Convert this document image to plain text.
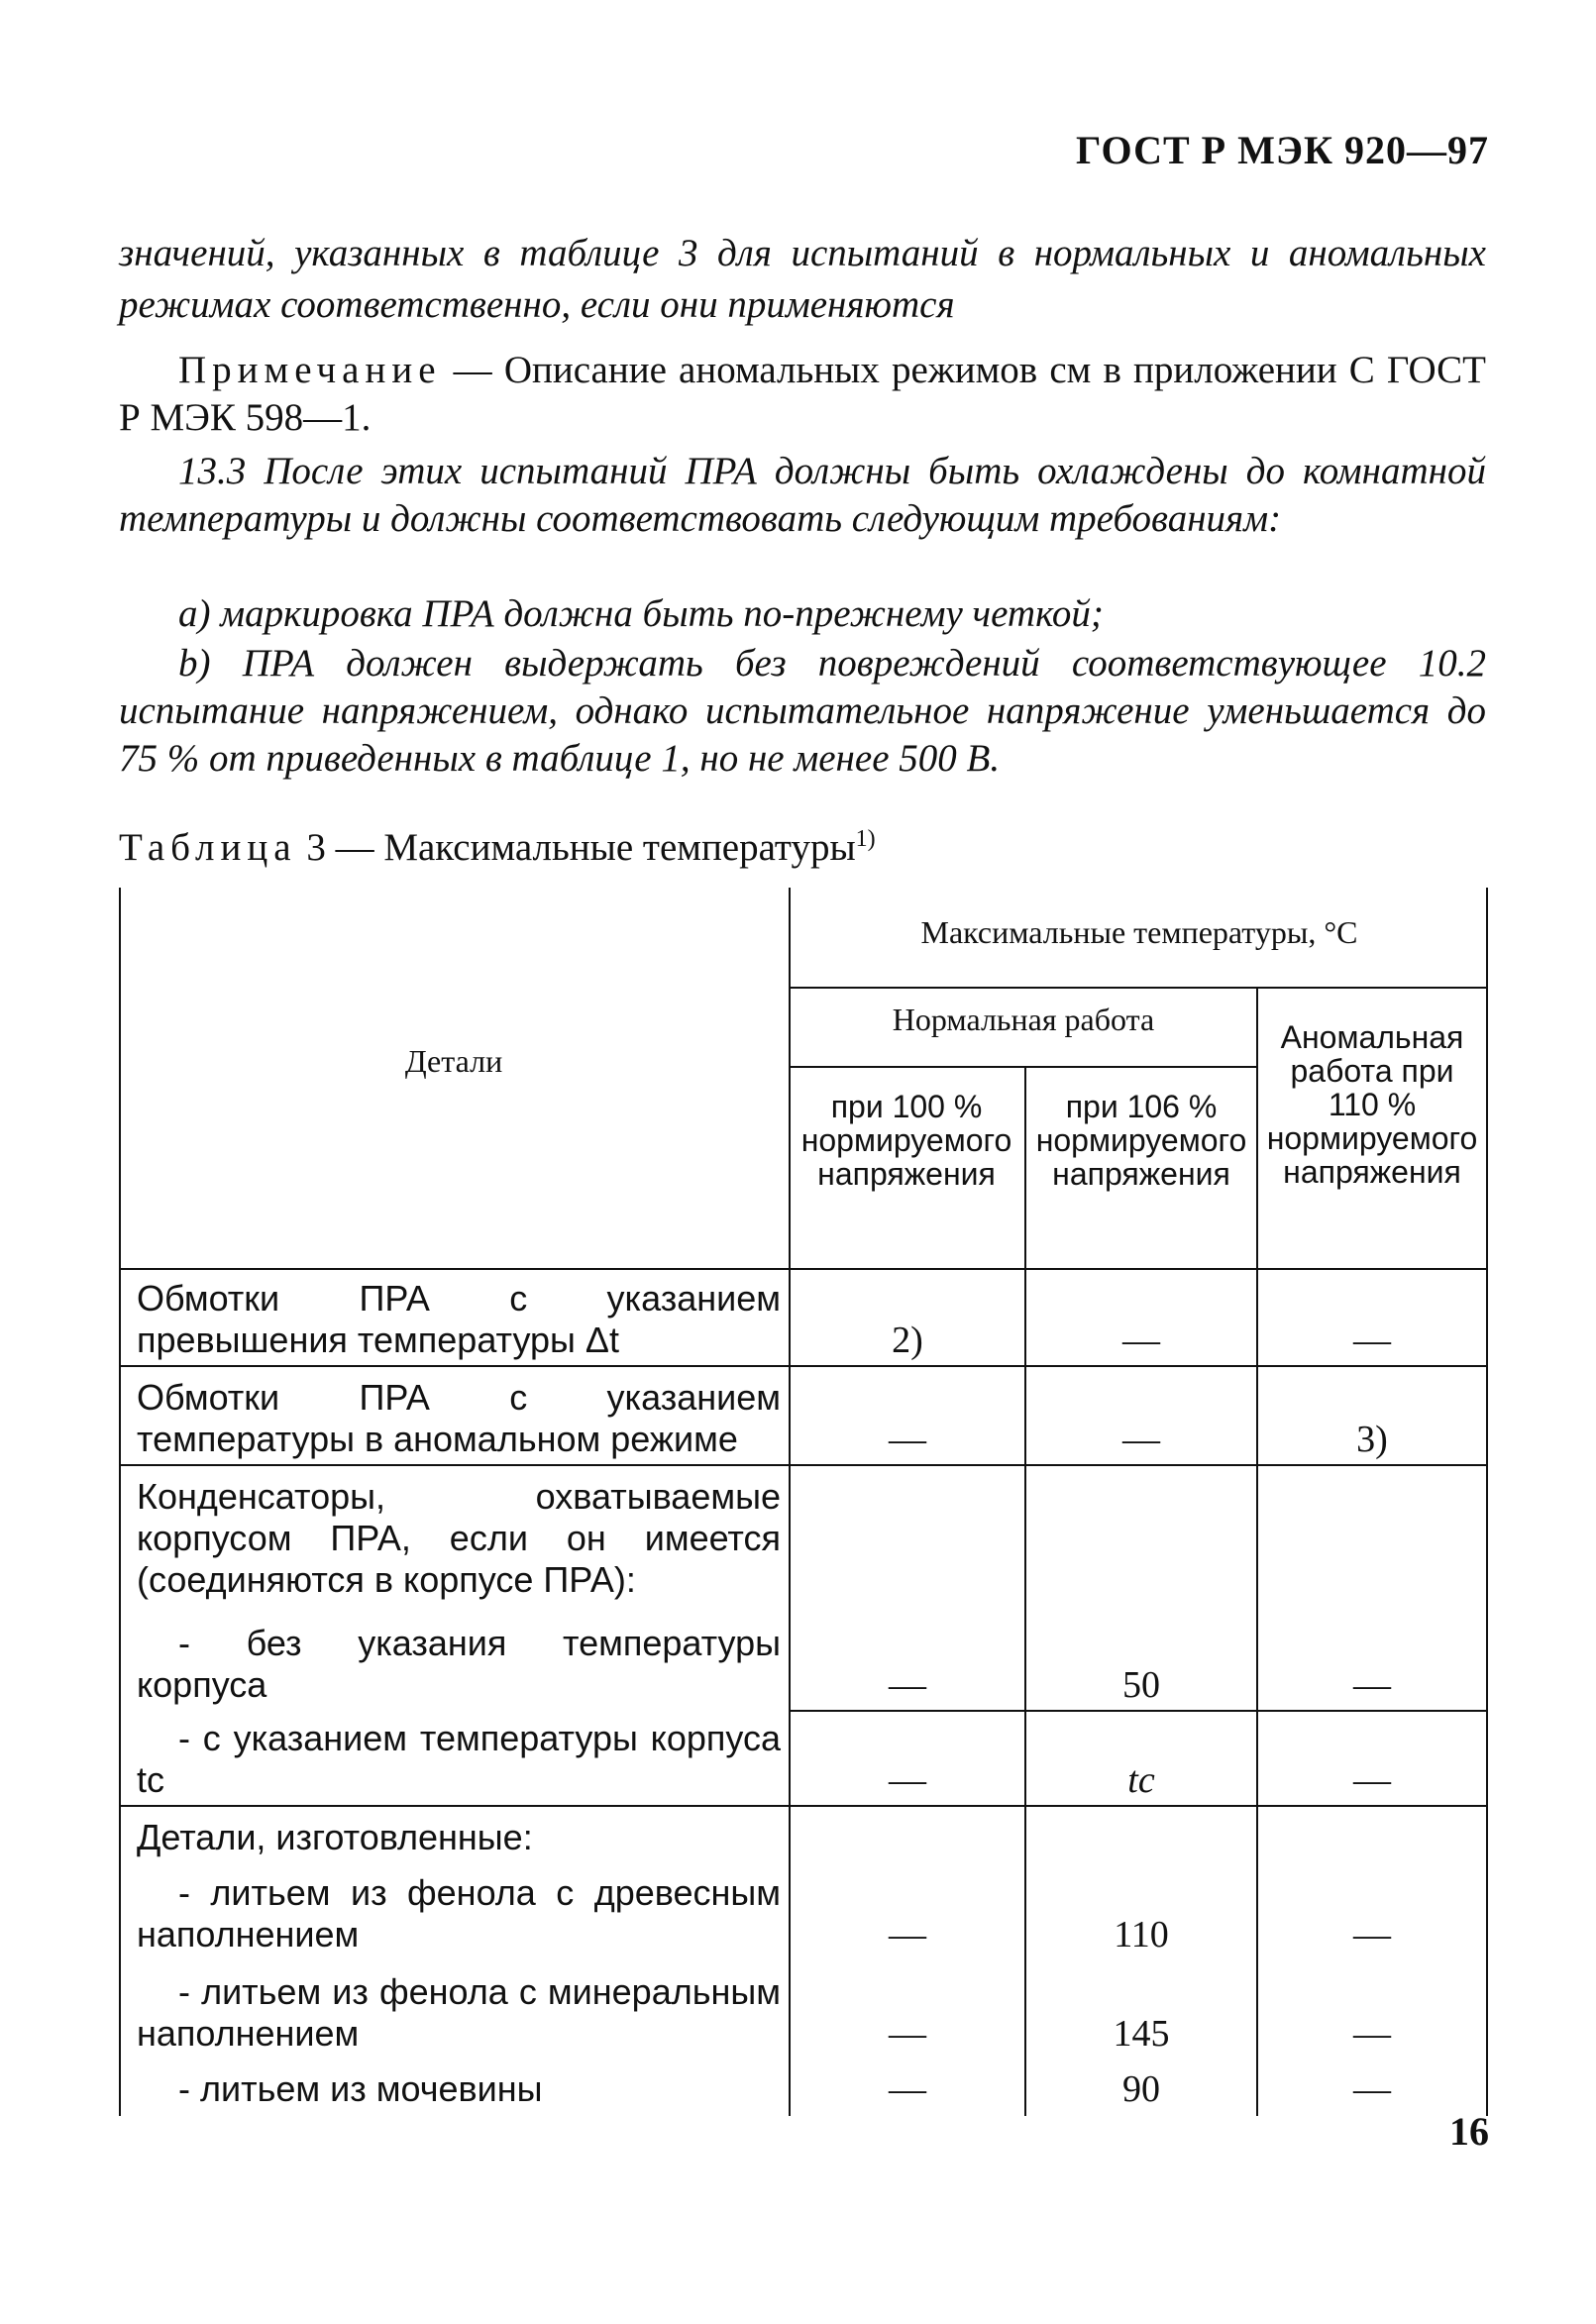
ГОСТ Р МЭК 920—97
значений, указанных в таблице 3 для испытаний в нормальных и аномальных режимах соответственно, если они применяются
Примечание — Описание аномальных режимов см в приложении С ГОСТ Р МЭК 598—1.
13.3 После этих испытаний ПРА должны быть охлаждены до комнатной температуры и должны соответствовать следующим требованиям:
a) маркировка ПРА должна быть по-прежнему четкой;
b) ПРА должен выдержать без повреждений соответствующее 10.2 испытание напряжением, однако испытательное напряжение уменьшается до 75 % от приведенных в таблице 1, но не менее 500 В.
Таблица 3 — Максимальные температуры$^{1)}$
Детали
Максимальные температуры, °С
Нормальная работа	Аномальная работа при 110 % нормируемого напряжения
при 100 % нормируемого напряжения
при 106 % нормируемого напряжения
Обмотки ПРА с указанием превышения температуры Δt	2)	—	—
Обмотки ПРА с указанием температуры в аномальном режиме	—	—	3)
Конденсаторы, охватываемые корпусом ПРА, если он имеется (соединяются в корпусе ПРА):
- без указания температуры корпуса	—	50	—
- с указанием температуры корпуса tc	—	tc	—
Детали, изготовленные:
- литьем из фенола с древесным наполнением	—	110	—
- литьем из фенола с минеральным наполнением	—	145	—
- литьем из мочевины	—	90	—
16
